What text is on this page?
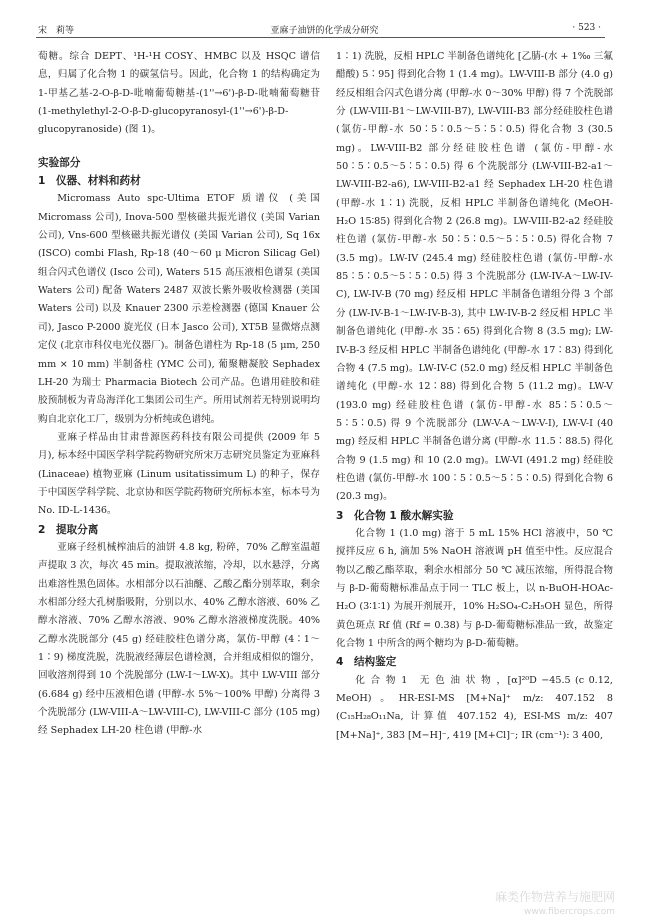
宋　莉等	亚麻子油饼的化学成分研究	· 523 ·

萄糖。综合 DEPT、¹H-¹H COSY、HMBC 以及 HSQC 谱信息，归属了化合物 1 的碳氢信号。因此，化合物 1 的结构确定为 1-甲基乙基-2-O-β-D-吡喃葡萄糖基-(1''→6')-β-D-吡喃葡萄糖苷 (1-methylethyl-2-O-β-D-glucopyranosyl-(1''→6')-β-D-glucopyranoside) (图 1)。

实验部分

1　仪器、材料和药材

Micromass Auto spc-Ultima ETOF 质谱仪 (美国 Micromass 公司), Inova-500 型核磁共振光谱仪 (美国 Varian 公司), Vns-600 型核磁共振光谱仪 (美国 Varian 公司), Sq 16x (ISCO) combi Flash, Rp-18 (40～60 μ Micron Silicag Gel) 组合闪式色谱仪 (Isco 公司), Waters 515 高压液相色谱泵 (美国 Waters 公司) 配备 Waters 2487 双波长紫外吸收检测器 (美国 Waters 公司) 以及 Knauer 2300 示差检测器 (德国 Knauer 公司), Jasco P-2000 旋光仪 (日本 Jasco 公司), XT5B 显微熔点测定仪 (北京市科仪电光仪器厂)。制备色谱柱为 Rp-18 (5 μm, 250 mm × 10 mm) 半制备柱 (YMC 公司), 葡聚糖凝胶 Sephadex LH-20 为瑞士 Pharmacia Biotech 公司产品。色谱用硅胶和硅胶预制板为青岛海洋化工集团公司生产。所用试剂若无特别说明均购自北京化工厂，级别为分析纯或色谱纯。

亚麻子样品由甘肃普源医药科技有限公司提供 (2009 年 5 月), 标本经中国医学科学院药物研究所宋万志研究员鉴定为亚麻科 (Linaceae) 植物亚麻 (Linum usitatissimum L) 的种子，保存于中国医学科学院、北京协和医学院药物研究所标本室，标本号为 No. ID-L-1436。

2　提取分离

亚麻子经机械榨油后的油饼 4.8 kg, 粉碎，70% 乙醇室温超声提取 3 次，每次 45 min。提取液浓缩，冷却，以水悬浮，分离出难溶性黑色固体。水相部分以石油醚、乙酸乙酯分别萃取，剩余水相部分经大孔树脂吸附，分别以水、40% 乙醇水溶液、60% 乙醇水溶液、70% 乙醇水溶液、90% 乙醇水溶液梯度洗脱。40% 乙醇水洗脱部分 (45 g) 经硅胶柱色谱分离，氯仿-甲醇 (4∶1～1∶9) 梯度洗脱，洗脱液经薄层色谱检测，合并组成相似的馏分，回收溶剂得到 10 个洗脱部分 (LW-I～LW-X)。其中 LW-VIII 部分 (6.684 g) 经中压液相色谱 (甲醇-水 5%～100% 甲醇) 分离得 3 个洗脱部分 (LW-VIII-A～LW-VIII-C), LW-VIII-C 部分 (105 mg) 经 Sephadex LH-20 柱色谱 (甲醇-水

1∶1) 洗脱，反相 HPLC 半制备色谱纯化 [乙腈-(水 + 1‰ 三氟醋酸) 5∶95] 得到化合物 1 (1.4 mg)。LW-VIII-B 部分 (4.0 g) 经反相组合闪式色谱分离 (甲醇-水 0～30% 甲醇) 得 7 个洗脱部分 (LW-VIII-B1～LW-VIII-B7), LW-VIII-B3 部分经硅胶柱色谱 (氯仿-甲醇-水 50∶5∶0.5～5∶5∶0.5) 得化合物 3 (30.5 mg)。LW-VIII-B2 部分经硅胶柱色谱 (氯仿-甲醇-水 50∶5∶0.5～5∶5∶0.5) 得 6 个洗脱部分 (LW-VIII-B2-a1～LW-VIII-B2-a6), LW-VIII-B2-a1 经 Sephadex LH-20 柱色谱 (甲醇-水 1∶1) 洗脱，反相 HPLC 半制备色谱纯化 (MeOH-H₂O 15∶85) 得到化合物 2 (26.8 mg)。LW-VIII-B2-a2 经硅胶柱色谱 (氯仿-甲醇-水 50∶5∶0.5～5∶5∶0.5) 得化合物 7 (3.5 mg)。LW-IV (245.4 mg) 经硅胶柱色谱 (氯仿-甲醇-水 85∶5∶0.5～5∶5∶0.5) 得 3 个洗脱部分 (LW-IV-A～LW-IV-C), LW-IV-B (70 mg) 经反相 HPLC 半制备色谱组分得 3 个部分 (LW-IV-B-1～LW-IV-B-3), 其中 LW-IV-B-2 经反相 HPLC 半制备色谱纯化 (甲醇-水 35∶65) 得到化合物 8 (3.5 mg); LW-IV-B-3 经反相 HPLC 半制备色谱纯化 (甲醇-水 17∶83) 得到化合物 4 (7.5 mg)。LW-IV-C (52.0 mg) 经反相 HPLC 半制备色谱纯化 (甲醇-水 12∶88) 得到化合物 5 (11.2 mg)。LW-V (193.0 mg) 经硅胶柱色谱 (氯仿-甲醇-水 85∶5∶0.5～5∶5∶0.5) 得 9 个洗脱部分 (LW-V-A～LW-V-I), LW-V-I (40 mg) 经反相 HPLC 半制备色谱分离 (甲醇-水 11.5∶88.5) 得化合物 9 (1.5 mg) 和 10 (2.0 mg)。LW-VI (491.2 mg) 经硅胶柱色谱 (氯仿-甲醇-水 100∶5∶0.5～5∶5∶0.5) 得到化合物 6 (20.3 mg)。

3　化合物 1 酸水解实验

化合物 1 (1.0 mg) 溶于 5 mL 15% HCl 溶液中，50 ℃ 搅拌反应 6 h, 滴加 5% NaOH 溶液调 pH 值至中性。反应混合物以乙酸乙酯萃取，剩余水相部分 50 ℃ 减压浓缩，所得混合物与 β-D-葡萄糖标准品点于同一 TLC 板上，以 n-BuOH-HOAc-H₂O (3∶1∶1) 为展开剂展开，10% H₂SO₄-C₂H₅OH 显色，所得黄色斑点 Rf 值 (Rf = 0.38) 与 β-D-葡萄糖标准品一致，故鉴定化合物 1 中所含的两个糖均为 β-D-葡萄糖。

4　结构鉴定

化 合 物 1　无 色 油 状 物 ，[α]²⁰D −45.5 (c 0.12, MeOH)。HR-ESI-MS [M+Na]⁺ m/z: 407.152 8 (C₁₅H₂₈O₁₁Na, 计算值 407.152 4), ESI-MS m/z: 407 [M+Na]⁺, 383 [M−H]⁻, 419 [M+Cl]⁻; IR (cm⁻¹): 3 400,

麻类作物营养与施肥网
www.fibercrops.com
